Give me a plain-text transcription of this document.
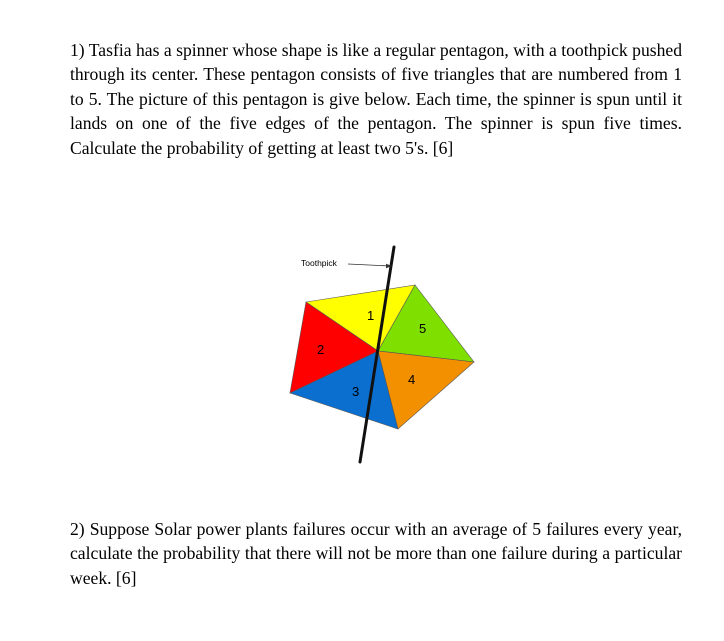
1) Tasfia has a spinner whose shape is like a regular pentagon, with a toothpick pushed through its center. These pentagon consists of five triangles that are numbered from 1 to 5. The picture of this pentagon is give below. Each time, the spinner is spun until it lands on one of the five edges of the pentagon. The spinner is spun five times. Calculate the probability of getting at least two 5's. [6]

Toothpick
1
5
4
3
2

2) Suppose Solar power plants failures occur with an average of 5 failures every year, calculate the probability that there will not be more than one failure during a particular week. [6]
